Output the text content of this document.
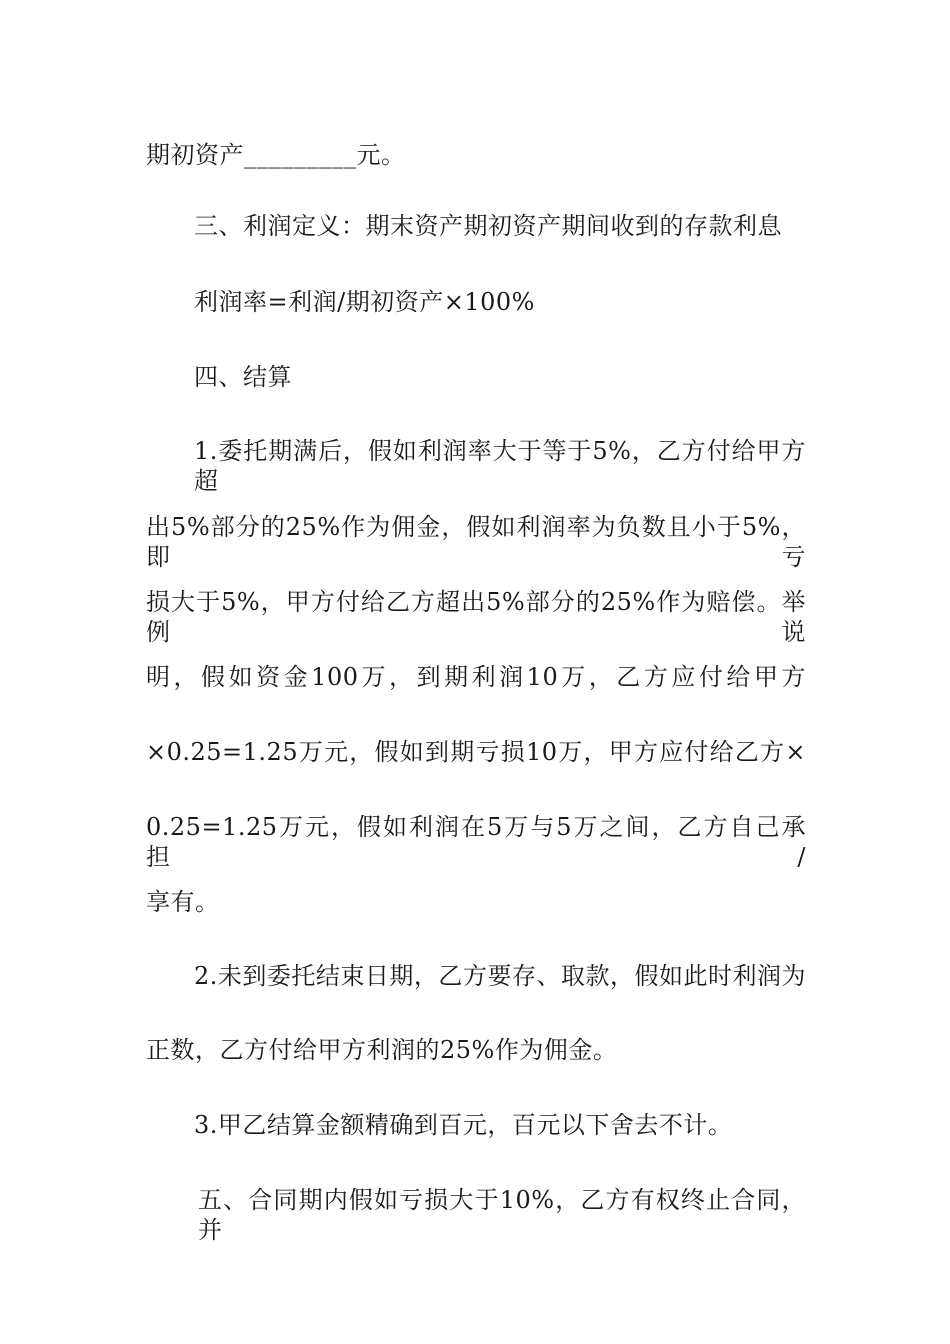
期初资产_________元。
三、利润定义：期末资产期初资产期间收到的存款利息
利润率=利润/期初资产×100%
四、结算
1.委托期满后，假如利润率大于等于5%，乙方付给甲方超
出5%部分的25%作为佣金，假如利润率为负数且小于5%，即亏
损大于5%，甲方付给乙方超出5%部分的25%作为赔偿。举例说
明，假如资金100万，到期利润10万，乙方应付给甲方
×0.25=1.25万元，假如到期亏损10万，甲方应付给乙方×
0.25=1.25万元，假如利润在5万与5万之间，乙方自己承担/
享有。
2.未到委托结束日期，乙方要存、取款，假如此时利润为
正数，乙方付给甲方利润的25%作为佣金。
3.甲乙结算金额精确到百元，百元以下舍去不计。
五、合同期内假如亏损大于10%，乙方有权终止合同，并
